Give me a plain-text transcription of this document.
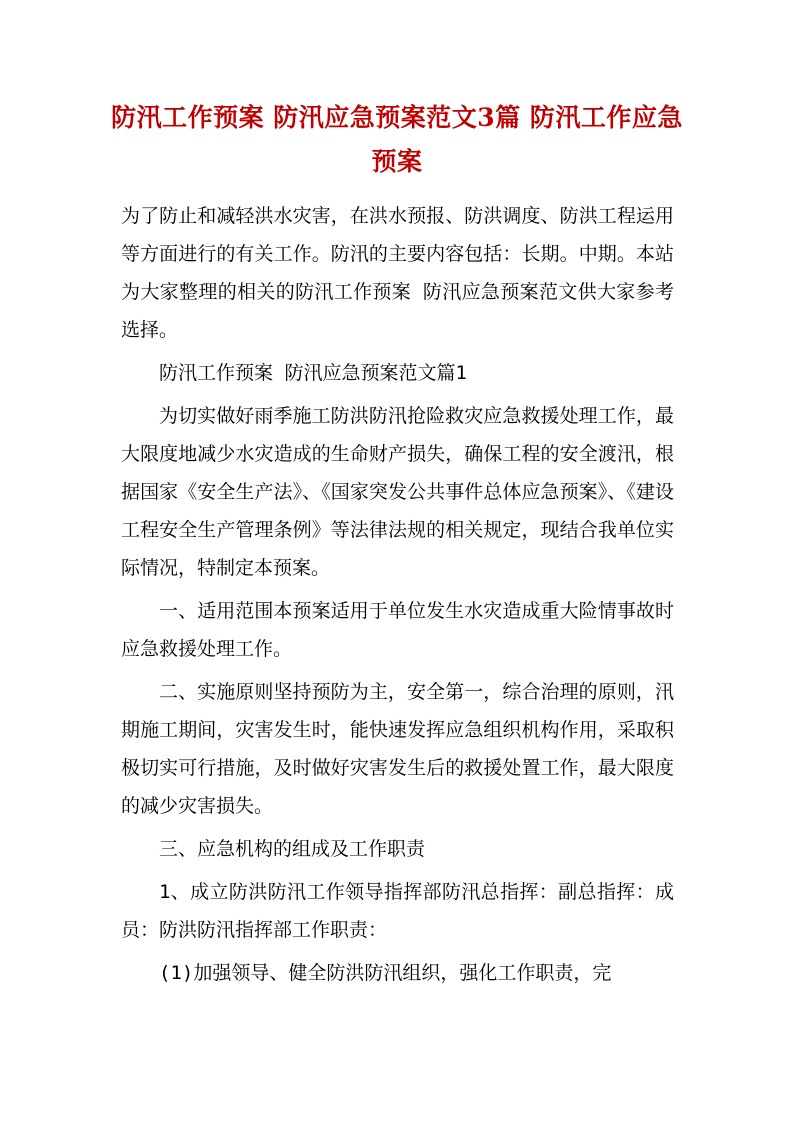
防汛工作预案 防汛应急预案范文3篇 防汛工作应急预案

为了防止和减轻洪水灾害，在洪水预报、防洪调度、防洪工程运用等方面进行的有关工作。防汛的主要内容包括：长期。中期。本站为大家整理的相关的防汛工作预案 防汛应急预案范文供大家参考选择。

防汛工作预案 防汛应急预案范文篇1

为切实做好雨季施工防洪防汛抢险救灾应急救援处理工作，最大限度地减少水灾造成的生命财产损失，确保工程的安全渡汛，根据国家《安全生产法》、《国家突发公共事件总体应急预案》、《建设工程安全生产管理条例》等法律法规的相关规定，现结合我单位实际情况，特制定本预案。

一、适用范围本预案适用于单位发生水灾造成重大险情事故时应急救援处理工作。

二、实施原则坚持预防为主，安全第一，综合治理的原则，汛期施工期间，灾害发生时，能快速发挥应急组织机构作用，采取积极切实可行措施，及时做好灾害发生后的救援处置工作，最大限度的减少灾害损失。

三、应急机构的组成及工作职责

1、成立防洪防汛工作领导指挥部防汛总指挥：副总指挥：成员：防洪防汛指挥部工作职责：

(1)加强领导、健全防洪防汛组织，强化工作职责，完
